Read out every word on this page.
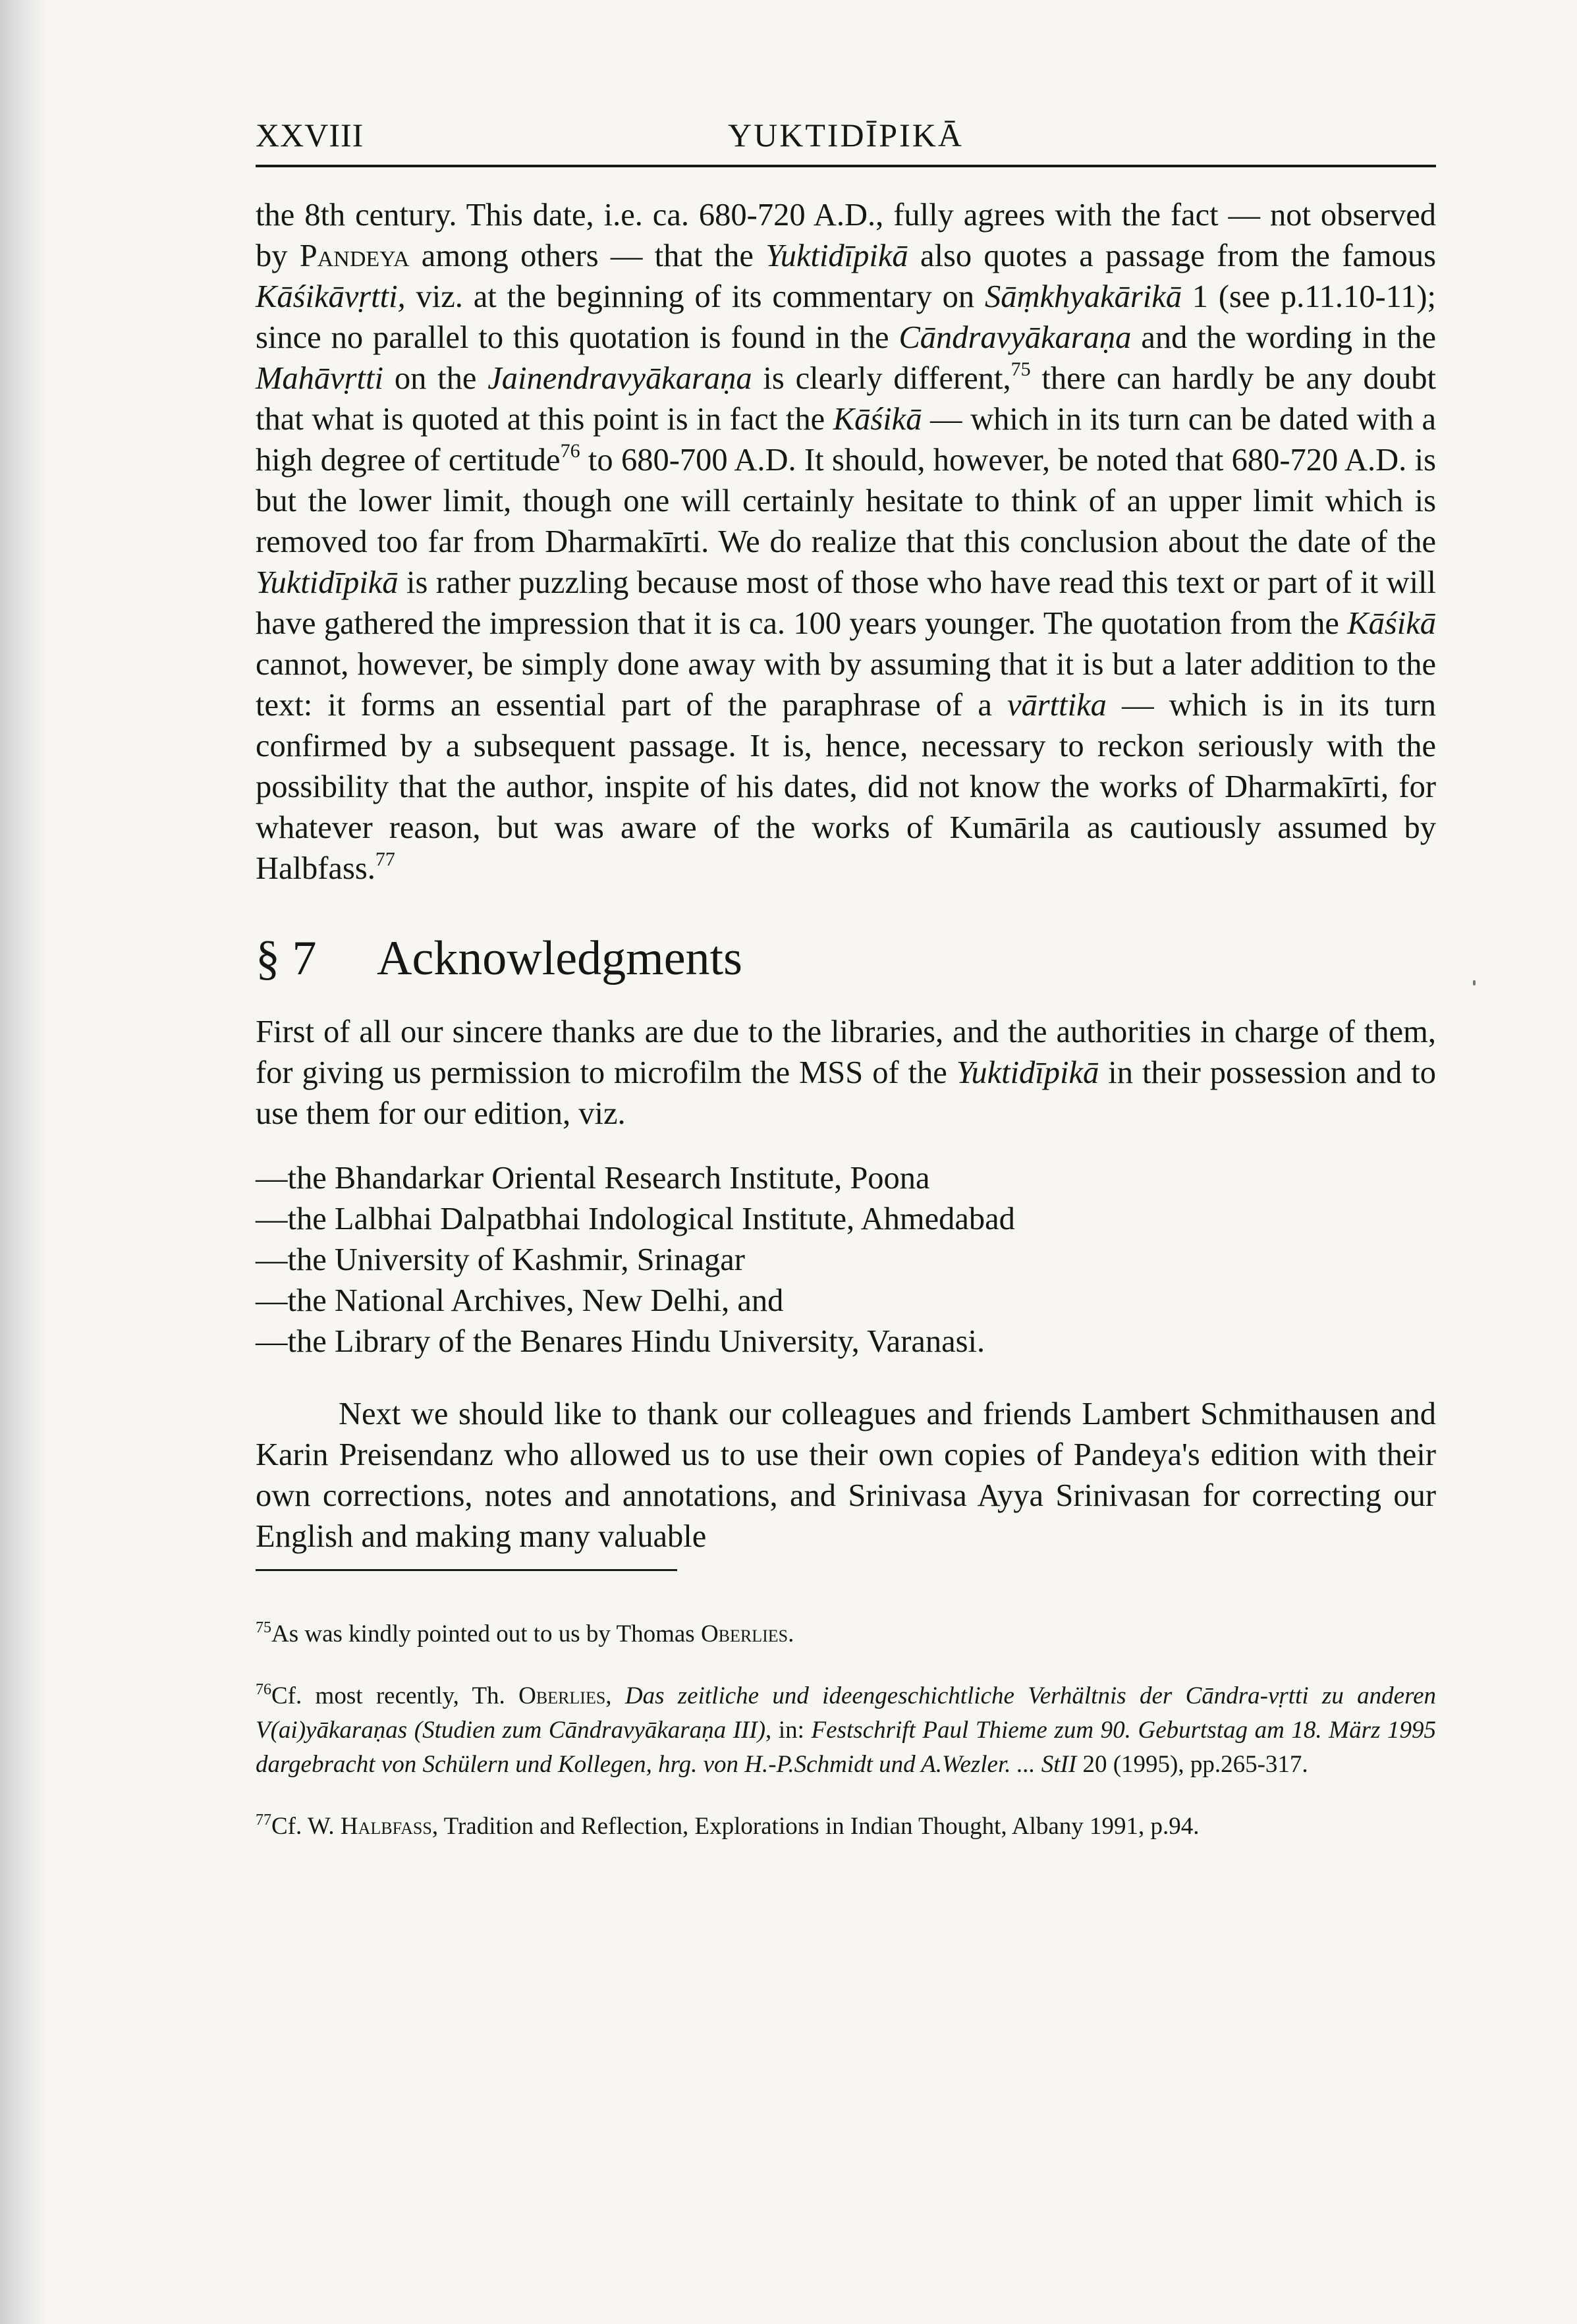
XXVIII	YUKTIDĪPIKĀ

the 8th century. This date, i.e. ca. 680-720 A.D., fully agrees with the fact — not observed by Pandeya among others — that the Yuktidīpikā also quotes a passage from the famous Kāśikāvṛtti, viz. at the beginning of its commentary on Sāṃkhyakārikā 1 (see p.11.10-11); since no parallel to this quotation is found in the Cāndravyākaraṇa and the wording in the Mahāvṛtti on the Jainendravyākaraṇa is clearly different,$^{75}$ there can hardly be any doubt that what is quoted at this point is in fact the Kāśikā — which in its turn can be dated with a high degree of certitude$^{76}$ to 680-700 A.D. It should, however, be noted that 680-720 A.D. is but the lower limit, though one will certainly hesitate to think of an upper limit which is removed too far from Dharmakīrti. We do realize that this conclusion about the date of the Yuktidīpikā is rather puzzling because most of those who have read this text or part of it will have gathered the impression that it is ca. 100 years younger. The quotation from the Kāśikā cannot, however, be simply done away with by assuming that it is but a later addition to the text: it forms an essential part of the paraphrase of a vārttika — which is in its turn confirmed by a subsequent passage. It is, hence, necessary to reckon seriously with the possibility that the author, inspite of his dates, did not know the works of Dharmakīrti, for whatever reason, but was aware of the works of Kumārila as cautiously assumed by Halbfass.$^{77}$

§ 7 Acknowledgments

First of all our sincere thanks are due to the libraries, and the authorities in charge of them, for giving us permission to microfilm the MSS of the Yuktidīpikā in their possession and to use them for our edition, viz.

—the Bhandarkar Oriental Research Institute, Poona
—the Lalbhai Dalpatbhai Indological Institute, Ahmedabad
—the University of Kashmir, Srinagar
—the National Archives, New Delhi, and
—the Library of the Benares Hindu University, Varanasi.

Next we should like to thank our colleagues and friends Lambert Schmithausen and Karin Preisendanz who allowed us to use their own copies of Pandeya's edition with their own corrections, notes and annotations, and Srinivasa Ayya Srinivasan for correcting our English and making many valuable

$^{75}$As was kindly pointed out to us by Thomas Oberlies.
$^{76}$Cf. most recently, Th. Oberlies, Das zeitliche und ideengeschichtliche Verhältnis der Cāndra-vṛtti zu anderen V(ai)yākaraṇas (Studien zum Cāndravyākaraṇa III), in: Festschrift Paul Thieme zum 90. Geburtstag am 18. März 1995 dargebracht von Schülern und Kollegen, hrg. von H.-P.Schmidt und A.Wezler. ... StII 20 (1995), pp.265-317.
$^{77}$Cf. W. Halbfass, Tradition and Reflection, Explorations in Indian Thought, Albany 1991, p.94.
